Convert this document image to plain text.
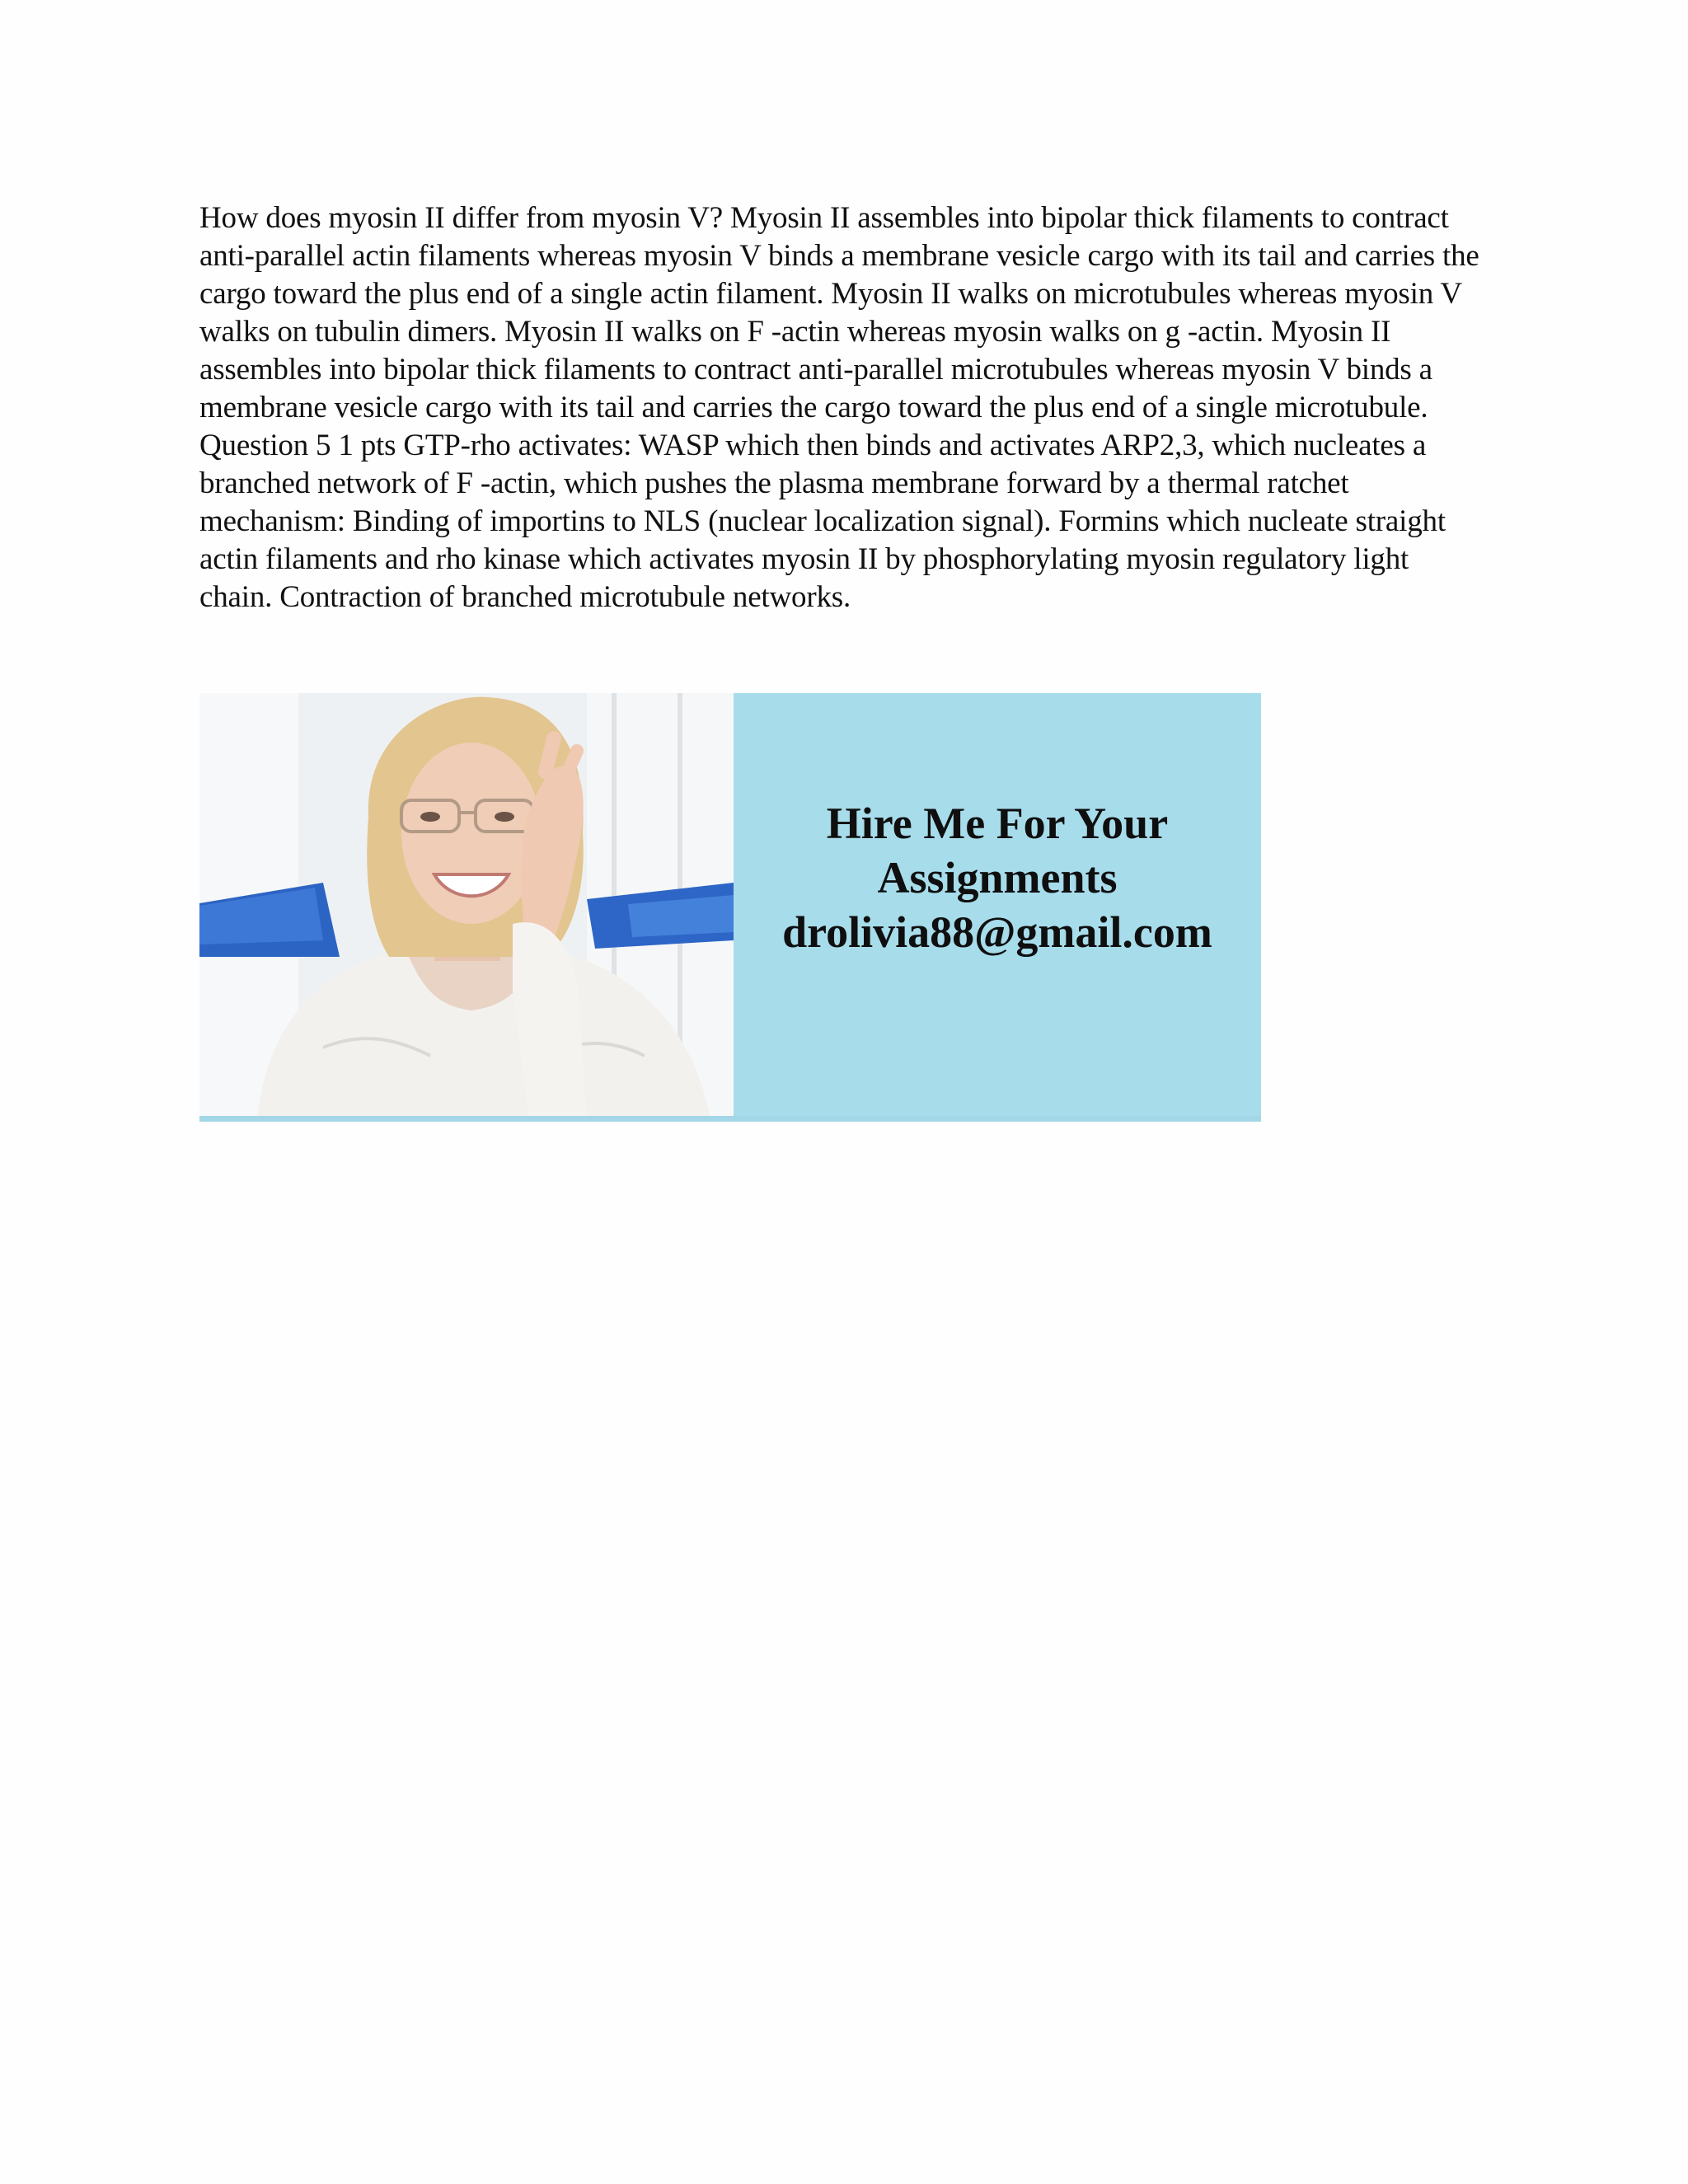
How does myosin II differ from myosin V? Myosin II assembles into bipolar thick filaments to contract anti-parallel actin filaments whereas myosin V binds a membrane vesicle cargo with its tail and carries the cargo toward the plus end of a single actin filament. Myosin II walks on microtubules whereas myosin V walks on tubulin dimers. Myosin II walks on F -actin whereas myosin walks on g -actin. Myosin II assembles into bipolar thick filaments to contract anti-parallel microtubules whereas myosin V binds a membrane vesicle cargo with its tail and carries the cargo toward the plus end of a single microtubule. Question 5 1 pts GTP-rho activates: WASP which then binds and activates ARP2,3, which nucleates a branched network of F -actin, which pushes the plasma membrane forward by a thermal ratchet mechanism: Binding of importins to NLS (nuclear localization signal). Formins which nucleate straight actin filaments and rho kinase which activates myosin II by phosphorylating myosin regulatory light chain. Contraction of branched microtubule networks.

Hire Me For Your
Assignments
drolivia88@gmail.com
